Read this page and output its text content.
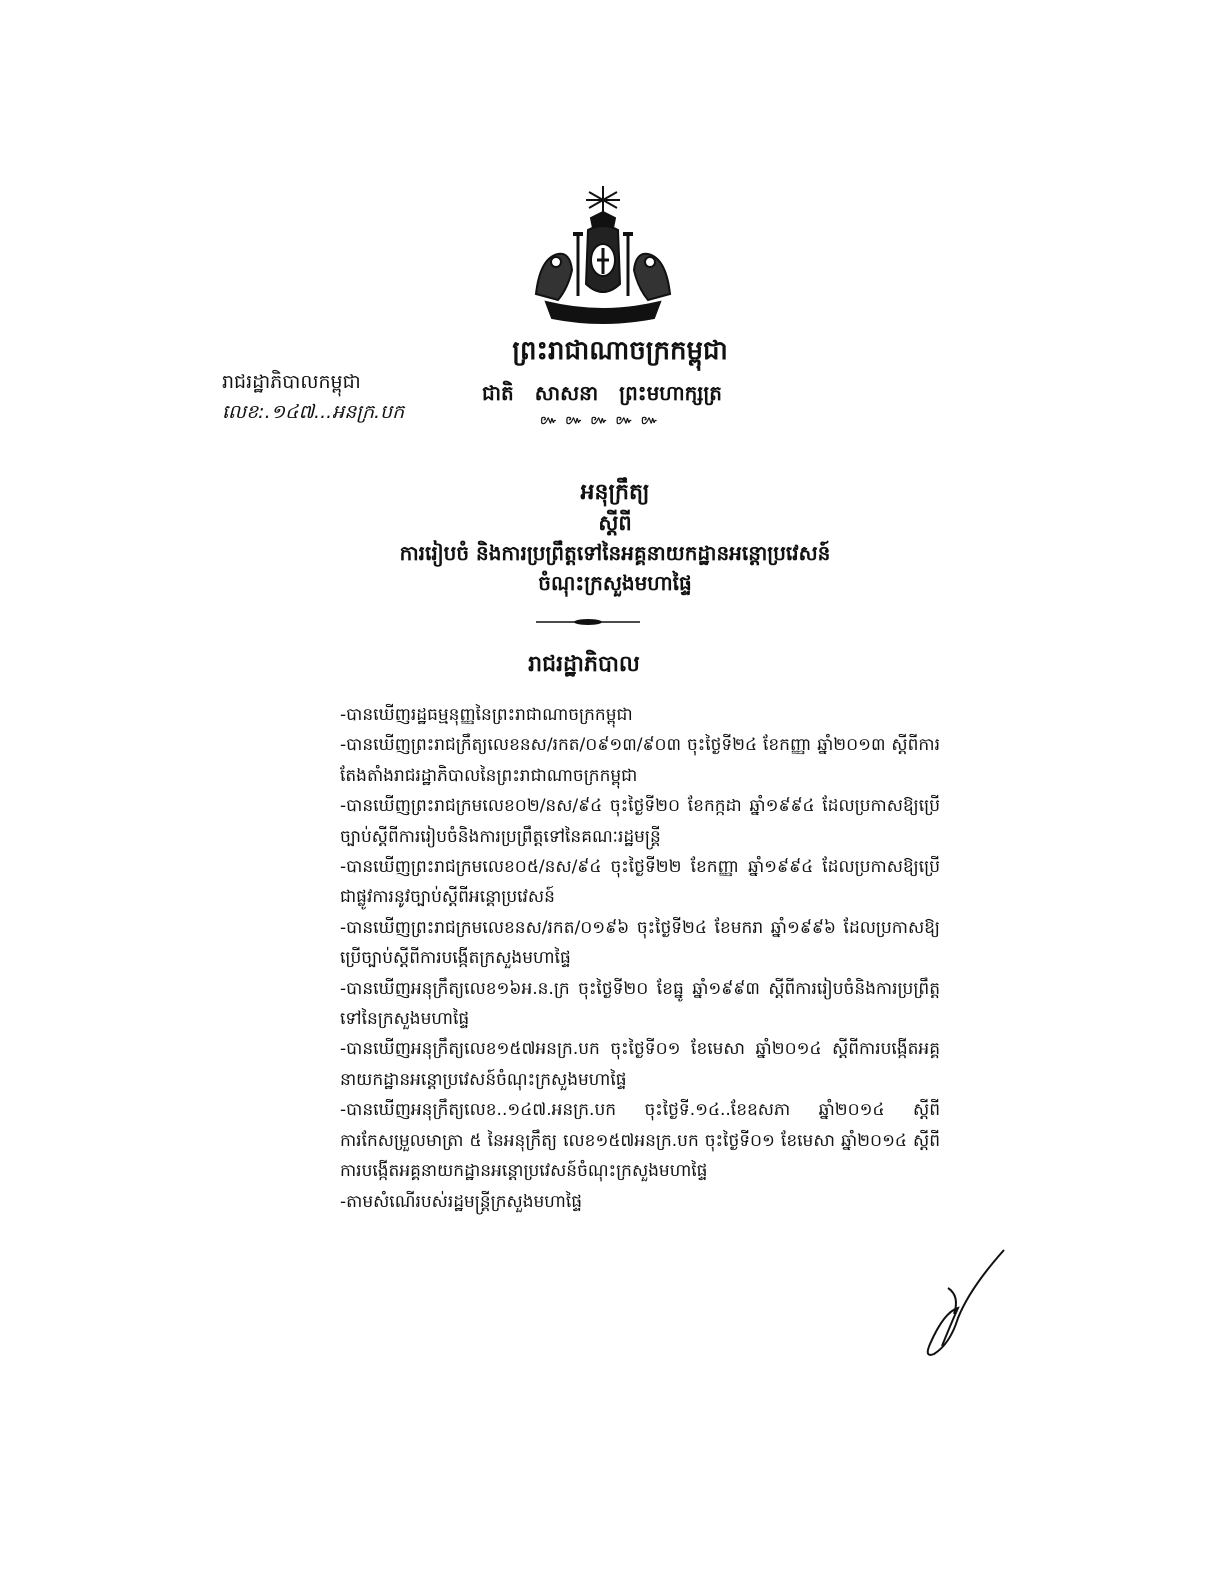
ព្រះរាជាណាចក្រកម្ពុជា
ជាតិ សាសនា ព្រះមហាក្សត្រ
៚ ៚ ៚ ៚ ៚
រាជរដ្ឋាភិបាលកម្ពុជា
លេខ:.១៤៧...អនក្រ.បក
អនុក្រឹត្យ
ស្តីពី
ការរៀបចំ និងការប្រព្រឹត្តទៅនៃអគ្គនាយកដ្ឋានអន្តោប្រវេសន៍
ចំណុះក្រសួងមហាផ្ទៃ
រាជរដ្ឋាភិបាល

-បានឃើញរដ្ឋធម្មនុញ្ញនៃព្រះរាជាណាចក្រកម្ពុជា

-បានឃើញព្រះរាជក្រឹត្យលេខនស/រកត/០៩១៣/៩០៣ ចុះថ្ងៃទី២៤ ខែកញ្ញា ឆ្នាំ២០១៣ ស្តីពីការតែងតាំងរាជរដ្ឋាភិបាលនៃព្រះរាជាណាចក្រកម្ពុជា

-បានឃើញព្រះរាជក្រមលេខ០២/នស/៩៤ ចុះថ្ងៃទី២០ ខែកក្កដា ឆ្នាំ១៩៩៤ ដែលប្រកាសឱ្យប្រើច្បាប់ស្តីពីការរៀបចំនិងការប្រព្រឹត្តទៅនៃគណៈរដ្ឋមន្ត្រី

-បានឃើញព្រះរាជក្រមលេខ០៥/នស/៩៤ ចុះថ្ងៃទី២២ ខែកញ្ញា ឆ្នាំ១៩៩៤ ដែលប្រកាសឱ្យប្រើជាផ្លូវការនូវច្បាប់ស្តីពីអន្តោប្រវេសន៍

-បានឃើញព្រះរាជក្រមលេខនស/រកត/០១៩៦ ចុះថ្ងៃទី២៤ ខែមករា ឆ្នាំ១៩៩៦ ដែលប្រកាសឱ្យប្រើច្បាប់ស្តីពីការបង្កើតក្រសួងមហាផ្ទៃ

-បានឃើញអនុក្រឹត្យលេខ១៦អ.ន.ក្រ ចុះថ្ងៃទី២០ ខែធ្នូ ឆ្នាំ១៩៩៣ ស្តីពីការរៀបចំនិងការប្រព្រឹត្តទៅនៃក្រសួងមហាផ្ទៃ

-បានឃើញអនុក្រឹត្យលេខ១៥៧អនក្រ.បក ចុះថ្ងៃទី០១ ខែមេសា ឆ្នាំ២០១៤ ស្តីពីការបង្កើតអគ្គនាយកដ្ឋានអន្តោប្រវេសន៍ចំណុះក្រសួងមហាផ្ទៃ

-បានឃើញអនុក្រឹត្យលេខ..១៤៧.អនក្រ.បក ចុះថ្ងៃទី.១៤..ខែឧសភា ឆ្នាំ២០១៤ ស្តីពីការកែសម្រួលមាត្រា ៥ នៃអនុក្រឹត្យ លេខ១៥៧អនក្រ.បក ចុះថ្ងៃទី០១ ខែមេសា ឆ្នាំ២០១៤ ស្តីពីការបង្កើតអគ្គនាយកដ្ឋានអន្តោប្រវេសន៍ចំណុះក្រសួងមហាផ្ទៃ

-តាមសំណើរបស់រដ្ឋមន្ត្រីក្រសួងមហាផ្ទៃ
